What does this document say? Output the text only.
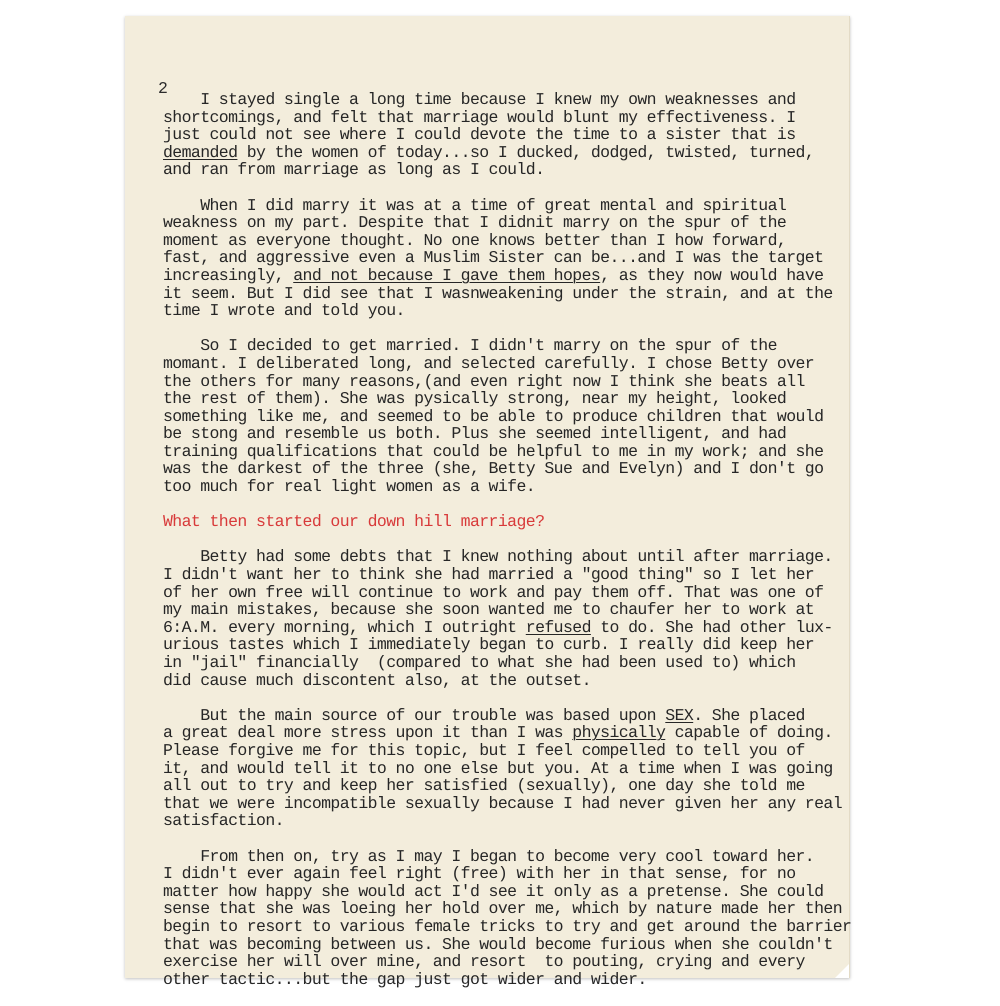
2
I stayed single a long time because I knew my own weaknesses and
shortcomings, and felt that marriage would blunt my effectiveness. I
just could not see where I could devote the time to a sister that is
demanded by the women of today...so I ducked, dodged, twisted, turned,
and ran from marriage as long as I could.
When I did marry it was at a time of great mental and spiritual
weakness on my part. Despite that I didnit marry on the spur of the
moment as everyone thought. No one knows better than I how forward,
fast, and aggressive even a Muslim Sister can be...and I was the target
increasingly, and not because I gave them hopes, as they now would have
it seem. But I did see that I wasnweakening under the strain, and at the
time I wrote and told you.
So I decided to get married. I didn't marry on the spur of the
momant. I deliberated long, and selected carefully. I chose Betty over
the others for many reasons,(and even right now I think she beats all
the rest of them). She was pysically strong, near my height, looked
something like me, and seemed to be able to produce children that would
be stong and resemble us both. Plus she seemed intelligent, and had
training qualifications that could be helpful to me in my work; and she
was the darkest of the three (she, Betty Sue and Evelyn) and I don't go
too much for real light women as a wife.
What then started our down hill marriage?
Betty had some debts that I knew nothing about until after marriage.
I didn't want her to think she had married a "good thing" so I let her
of her own free will continue to work and pay them off. That was one of
my main mistakes, because she soon wanted me to chaufer her to work at
6:A.M. every morning, which I outright refused to do. She had other lux-
urious tastes which I immediately began to curb. I really did keep her
in "jail" financially  (compared to what she had been used to) which
did cause much discontent also, at the outset.
But the main source of our trouble was based upon SEX. She placed
a great deal more stress upon it than I was physically capable of doing.
Please forgive me for this topic, but I feel compelled to tell you of
it, and would tell it to no one else but you. At a time when I was going
all out to try and keep her satisfied (sexually), one day she told me
that we were incompatible sexually because I had never given her any real
satisfaction.
From then on, try as I may I began to become very cool toward her.
I didn't ever again feel right (free) with her in that sense, for no
matter how happy she would act I'd see it only as a pretense. She could
sense that she was loeing her hold over me, which by nature made her then
begin to resort to various female tricks to try and get around the barrier
that was becoming between us. She would become furious when she couldn't
exercise her will over mine, and resort  to pouting, crying and every
other tactic...but the gap just got wider and wider.
